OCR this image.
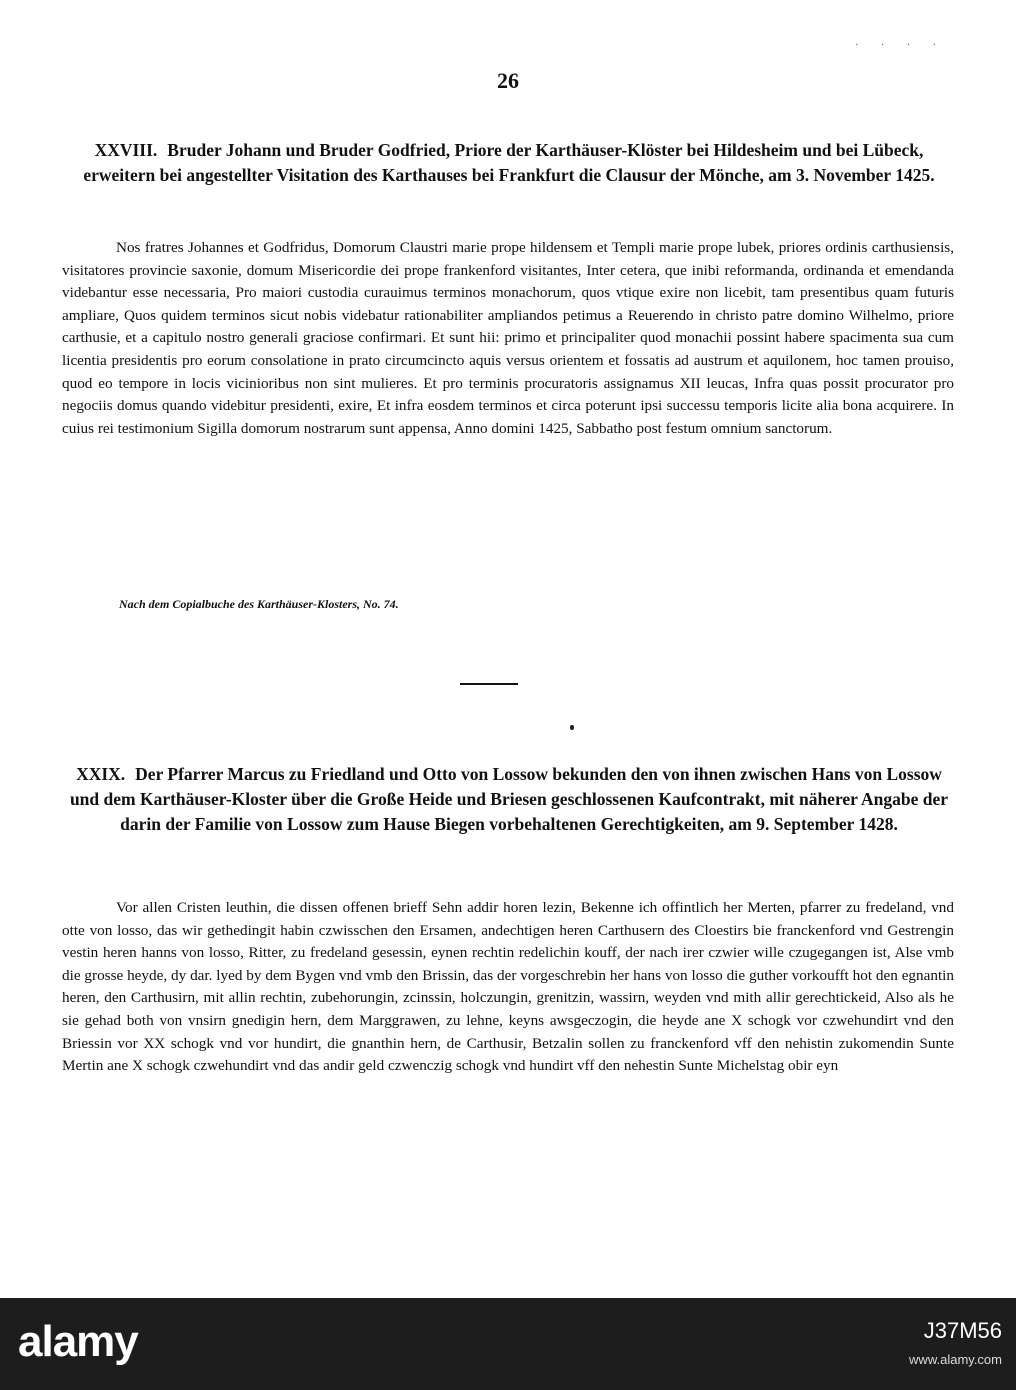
· · · ·
26
XXVIII. Bruder Johann und Bruder Godfried, Priore der Karthäuser-Klöster bei Hildesheim und bei Lübeck, erweitern bei angestellter Visitation des Karthauses bei Frankfurt die Clausur der Mönche, am 3. November 1425.

Nos fratres Johannes et Godfridus, Domorum Claustri marie prope hildensem et Templi marie prope lubek, priores ordinis carthusiensis, visitatores provincie saxonie, domum Misericordie dei prope frankenford visitantes, Inter cetera, que inibi reformanda, ordinanda et emendanda videbantur esse necessaria, Pro maiori custodia curauimus terminos monachorum, quos vtique exire non licebit, tam presentibus quam futuris ampliare, Quos quidem terminos sicut nobis videbatur rationabiliter ampliandos petimus a Reuerendo in christo patre domino Wilhelmo, priore carthusie, et a capitulo nostro generali graciose confirmari. Et sunt hii: primo et principaliter quod monachii possint habere spacimenta sua cum licentia presidentis pro eorum consolatione in prato circumcincto aquis versus orientem et fossatis ad austrum et aquilonem, hoc tamen prouiso, quod eo tempore in locis vicinioribus non sint mulieres. Et pro terminis procuratoris assignamus XII leucas, Infra quas possit procurator pro negociis domus quando videbitur presidenti, exire, Et infra eosdem terminos et circa poterunt ipsi successu temporis licite alia bona acquirere. In cuius rei testimonium Sigilla domorum nostrarum sunt appensa, Anno domini 1425, Sabbatho post festum omnium sanctorum.

Nach dem Copialbuche des Karthäuser-Klosters, No. 74.
XXIX. Der Pfarrer Marcus zu Friedland und Otto von Lossow bekunden den von ihnen zwischen Hans von Lossow und dem Karthäuser-Kloster über die Große Heide und Briesen geschlossenen Kaufcontrakt, mit näherer Angabe der darin der Familie von Lossow zum Hause Biegen vorbehaltenen Gerechtigkeiten, am 9. September 1428.

Vor allen Cristen leuthin, die dissen offenen brieff Sehn addir horen lezin, Bekenne ich offintlich her Merten, pfarrer zu fredeland, vnd otte von losso, das wir gethedingit habin czwisschen den Ersamen, andechtigen heren Carthusern des Cloestirs bie franckenford vnd Gestrengin vestin heren hanns von losso, Ritter, zu fredeland gesessin, eynen rechtin redelichin kouff, der nach irer czwier wille czugegangen ist, Alse vmb die grosse heyde, dy dar. lyed by dem Bygen vnd vmb den Brissin, das der vorgeschrebin her hans von losso die guther vorkoufft hot den egnantin heren, den Carthusirn, mit allin rechtin, zubehorungin, zcinssin, holczungin, grenitzin, wassirn, weyden vnd mith allir gerechtickeid, Also als he sie gehad both von vnsirn gnedigin hern, dem Marggrawen, zu lehne, keyns awsgeczogin, die heyde ane X schogk vor czwehundirt vnd den Briessin vor XX schogk vnd vor hundirt, die gnanthin hern, de Carthusir, Betzalin sollen zu franckenford vff den nehistin zukomendin Sunte Mertin ane X schogk czwehundirt vnd das andir geld czwenczig schogk vnd hundirt vff den nehestin Sunte Michelstag obir eyn

alamy	J37M56
www.alamy.com
